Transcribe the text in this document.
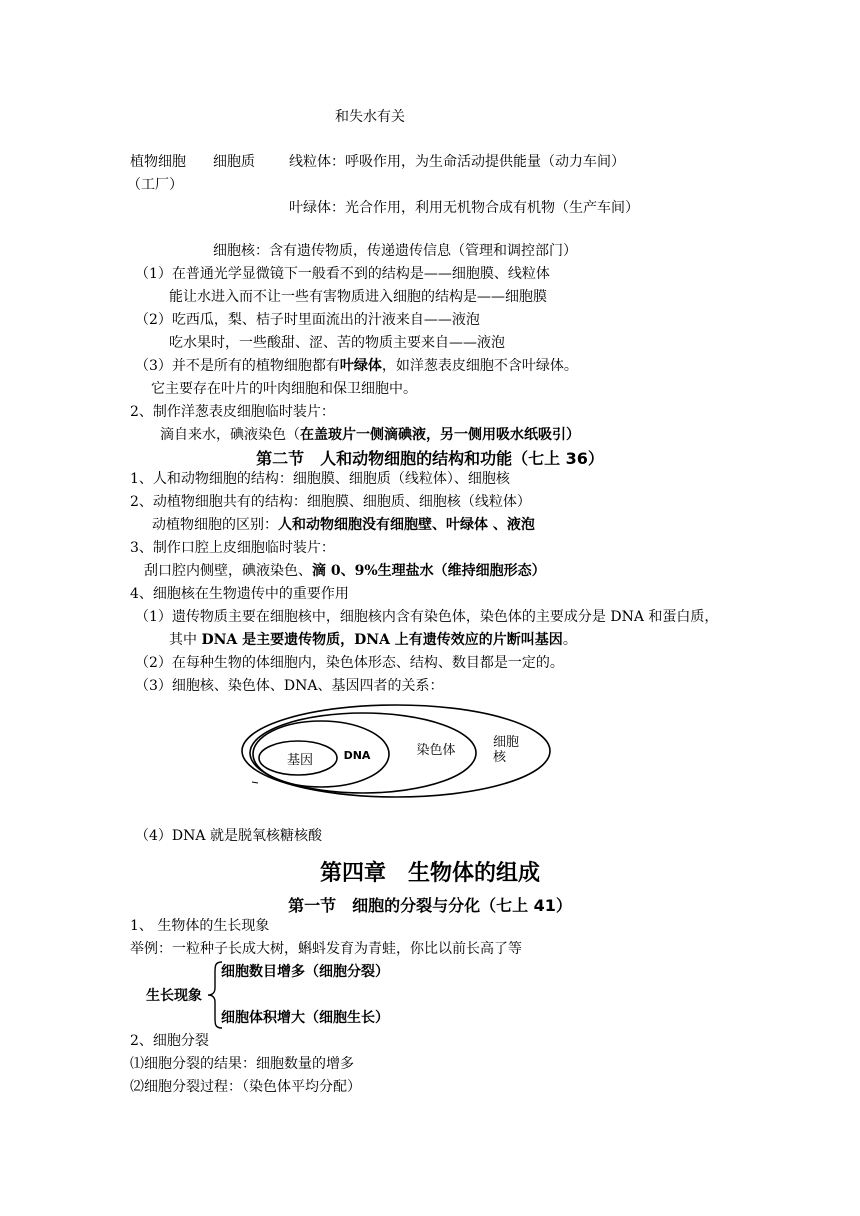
和失水有关
植物细胞 细胞质 线粒体：呼吸作用，为生命活动提供能量（动力车间）
（工厂）
叶绿体：光合作用，利用无机物合成有机物（生产车间）
细胞核：含有遗传物质，传递遗传信息（管理和调控部门）
（1）在普通光学显微镜下一般看不到的结构是——细胞膜、线粒体
能让水进入而不让一些有害物质进入细胞的结构是——细胞膜
（2）吃西瓜，梨、桔子时里面流出的汁液来自——液泡
吃水果时，一些酸甜、涩、苦的物质主要来自——液泡
（3）并不是所有的植物细胞都有叶绿体，如洋葱表皮细胞不含叶绿体。
它主要存在叶片的叶肉细胞和保卫细胞中。
2、制作洋葱表皮细胞临时装片：
滴自来水，碘液染色（在盖玻片一侧滴碘液，另一侧用吸水纸吸引）
第二节　人和动物细胞的结构和功能（七上 36）
1、人和动物细胞的结构：细胞膜、细胞质（线粒体）、细胞核
2、动植物细胞共有的结构：细胞膜、细胞质、细胞核（线粒体）
动植物细胞的区别：人和动物细胞没有细胞壁、叶绿体 、液泡
3、制作口腔上皮细胞临时装片：
刮口腔内侧壁，碘液染色、滴 0、9%生理盐水（维持细胞形态）
4、细胞核在生物遗传中的重要作用
（1）遗传物质主要在细胞核中，细胞核内含有染色体，染色体的主要成分是 DNA 和蛋白质，
其中 DNA 是主要遗传物质，DNA 上有遗传效应的片断叫基因。
（2）在每种生物的体细胞内，染色体形态、结构、数目都是一定的。
（3）细胞核、染色体、DNA、基因四者的关系：
基因	DNA	染色体
细胞
核
（4）DNA 就是脱氧核糖核酸
第四章　生物体的组成
第一节　细胞的分裂与分化（七上 41）
1、 生物体的生长现象
举例：一粒种子长成大树，蝌蚪发育为青蛙，你比以前长高了等
生长现象
细胞数目增多（细胞分裂）
细胞体积增大（细胞生长）
2、细胞分裂
⑴细胞分裂的结果：细胞数量的增多
⑵细胞分裂过程：（染色体平均分配）
